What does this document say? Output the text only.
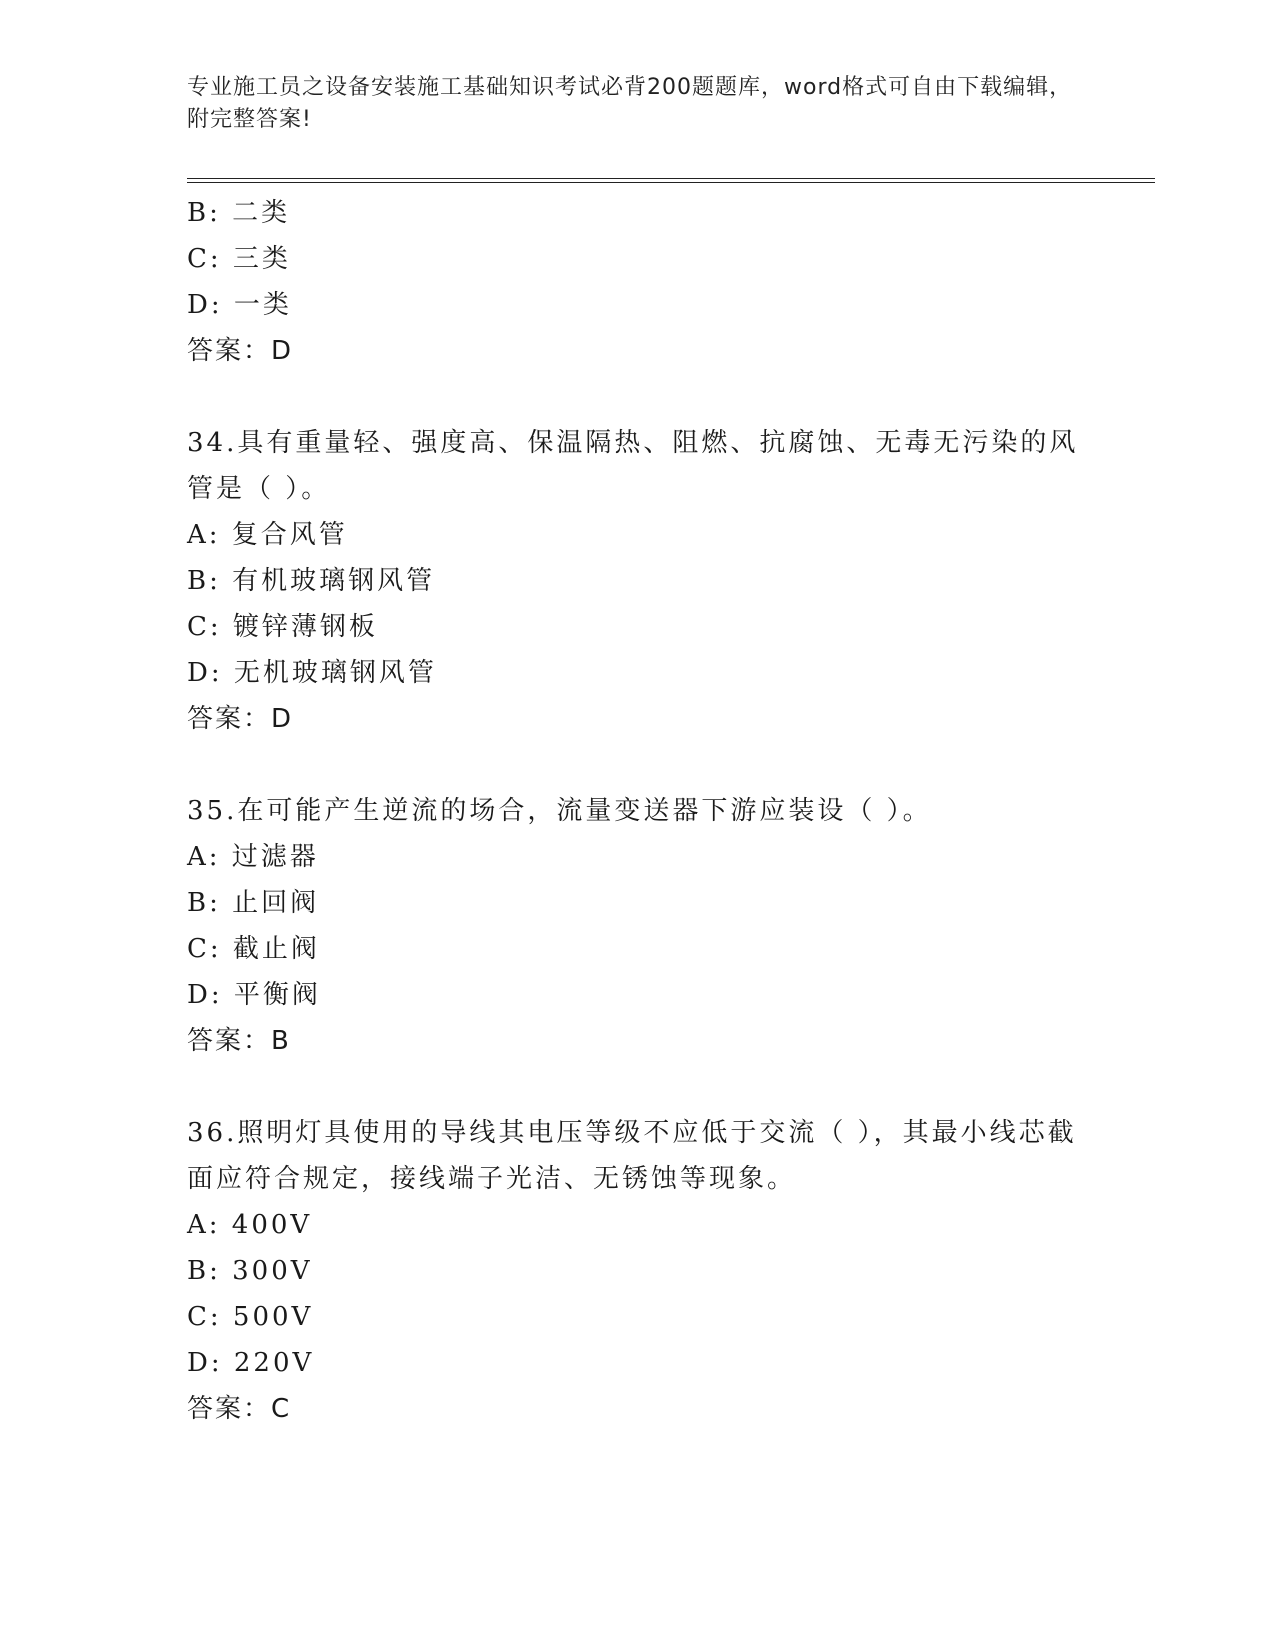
专业施工员之设备安装施工基础知识考试必背200题题库，word格式可自由下载编辑，附完整答案!
B: 二类
C: 三类
D: 一类
答案：D
34.具有重量轻、强度高、保温隔热、阻燃、抗腐蚀、无毒无污染的风管是（ ）。
A: 复合风管
B: 有机玻璃钢风管
C: 镀锌薄钢板
D: 无机玻璃钢风管
答案：D
35.在可能产生逆流的场合，流量变送器下游应装设（ ）。
A: 过滤器
B: 止回阀
C: 截止阀
D: 平衡阀
答案：B
36.照明灯具使用的导线其电压等级不应低于交流（ ），其最小线芯截面应符合规定，接线端子光洁、无锈蚀等现象。
A: 400V
B: 300V
C: 500V
D: 220V
答案：C
